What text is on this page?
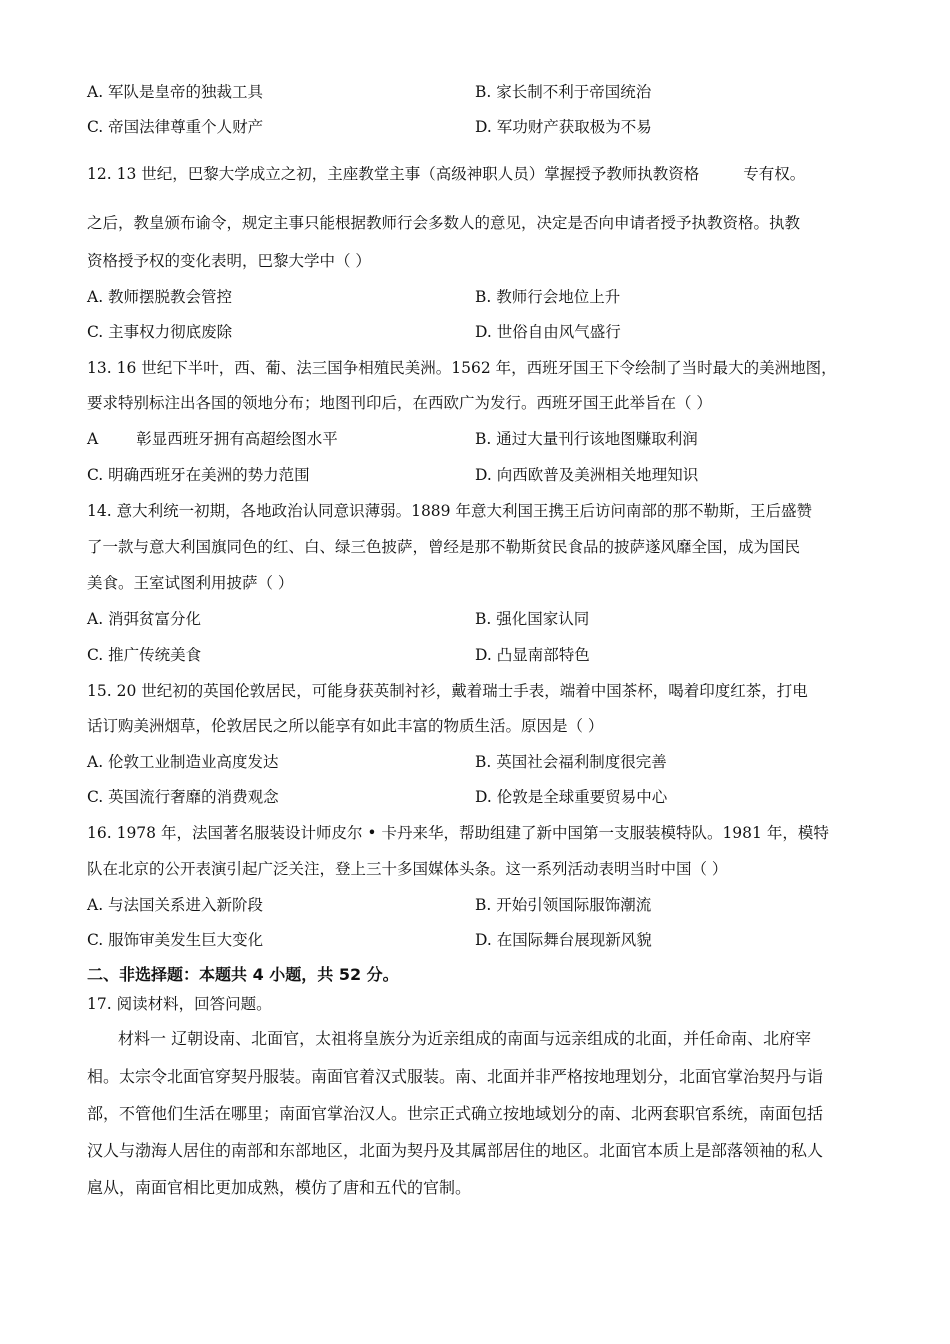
A. 军队是皇帝的独裁工具	B. 家长制不利于帝国统治
C. 帝国法律尊重个人财产	D. 军功财产获取极为不易
12. 13 世纪，巴黎大学成立之初，主座教堂主事（高级神职人员）掌握授予教师执教资格	专有权。
之后，教皇颁布谕令，规定主事只能根据教师行会多数人的意见，决定是否向申请者授予执教资格。执教
资格授予权的变化表明，巴黎大学中（ ）
A. 教师摆脱教会管控	B. 教师行会地位上升
C. 主事权力彻底废除	D. 世俗自由风气盛行
13. 16 世纪下半叶，西、葡、法三国争相殖民美洲。1562 年，西班牙国王下令绘制了当时最大的美洲地图，
要求特别标注出各国的领地分布；地图刊印后，在西欧广为发行。西班牙国王此举旨在（ ）
A 彰显西班牙拥有高超绘图水平	B. 通过大量刊行该地图赚取利润
C. 明确西班牙在美洲的势力范围	D. 向西欧普及美洲相关地理知识
14. 意大利统一初期，各地政治认同意识薄弱。1889 年意大利国王携王后访问南部的那不勒斯，王后盛赞
了一款与意大利国旗同色的红、白、绿三色披萨，曾经是那不勒斯贫民食品的披萨遂风靡全国，成为国民
美食。王室试图利用披萨（ ）
A. 消弭贫富分化	B. 强化国家认同
C. 推广传统美食	D. 凸显南部特色
15. 20 世纪初的英国伦敦居民，可能身获英制衬衫，戴着瑞士手表，端着中国茶杯，喝着印度红茶，打电
话订购美洲烟草，伦敦居民之所以能享有如此丰富的物质生活。原因是（ ）
A. 伦敦工业制造业高度发达	B. 英国社会福利制度很完善
C. 英国流行奢靡的消费观念	D. 伦敦是全球重要贸易中心
16. 1978 年，法国著名服装设计师皮尔 • 卡丹来华，帮助组建了新中国第一支服装模特队。1981 年，模特
队在北京的公开表演引起广泛关注，登上三十多国媒体头条。这一系列活动表明当时中国（ ）
A. 与法国关系进入新阶段	B. 开始引领国际服饰潮流
C. 服饰审美发生巨大变化	D. 在国际舞台展现新风貌
二、非选择题：本题共 4 小题，共 52 分。
17. 阅读材料，回答问题。
材料一 辽朝设南、北面官，太祖将皇族分为近亲组成的南面与远亲组成的北面，并任命南、北府宰
相。太宗令北面官穿契丹服装。南面官着汉式服装。南、北面并非严格按地理划分，北面官掌治契丹与诣
部，不管他们生活在哪里；南面官掌治汉人。世宗正式确立按地域划分的南、北两套职官系统，南面包括
汉人与渤海人居住的南部和东部地区，北面为契丹及其属部居住的地区。北面官本质上是部落领袖的私人
扈从，南面官相比更加成熟，模仿了唐和五代的官制。
